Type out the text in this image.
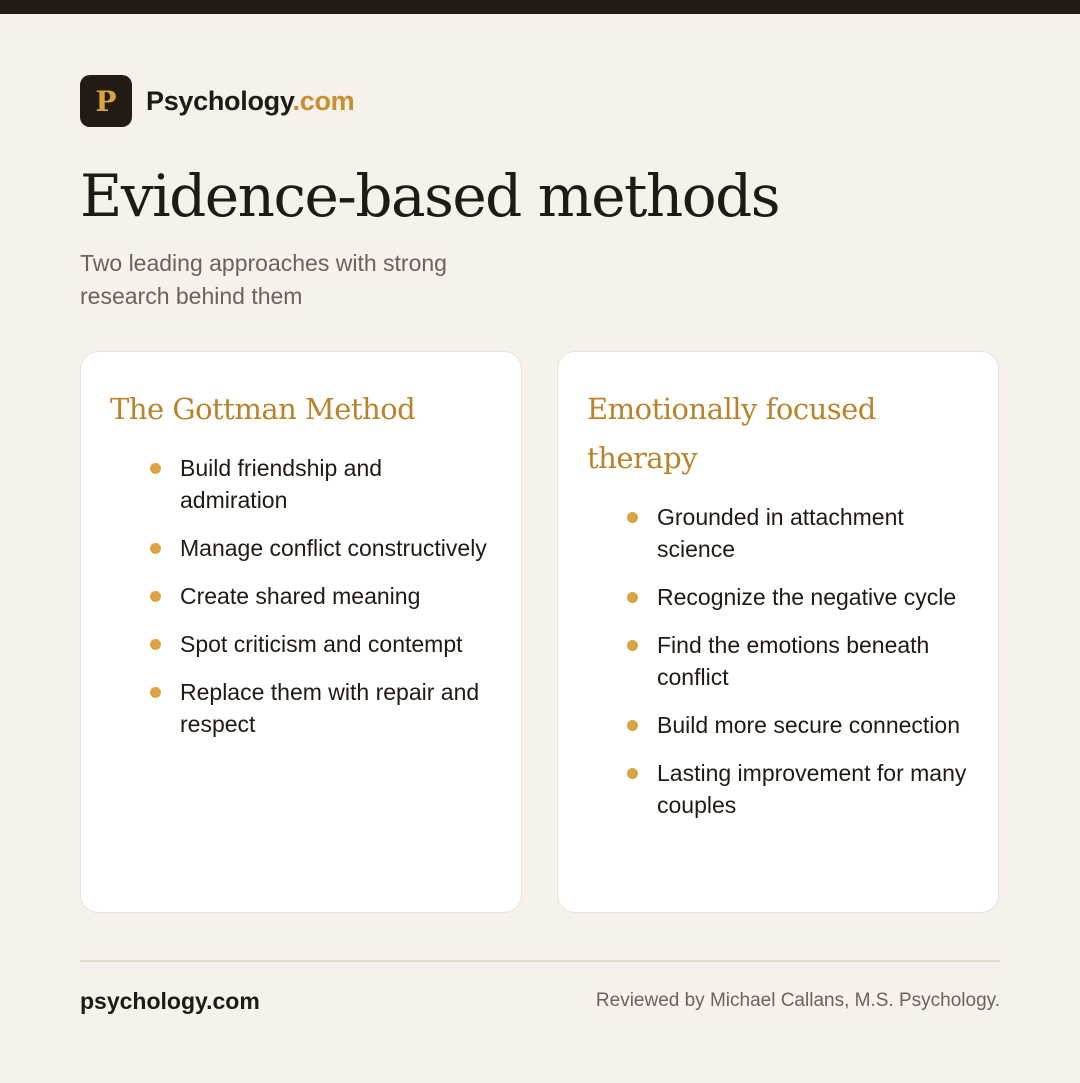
P Psychology.com
Evidence-based methods

Two leading approaches with strong research behind them

The Gottman Method
Build friendship and admiration
Manage conflict constructively
Create shared meaning
Spot criticism and contempt
Replace them with repair and respect
Emotionally focused therapy
Grounded in attachment science
Recognize the negative cycle
Find the emotions beneath conflict
Build more secure connection
Lasting improvement for many couples
psychology.com	Reviewed by Michael Callans, M.S. Psychology.
